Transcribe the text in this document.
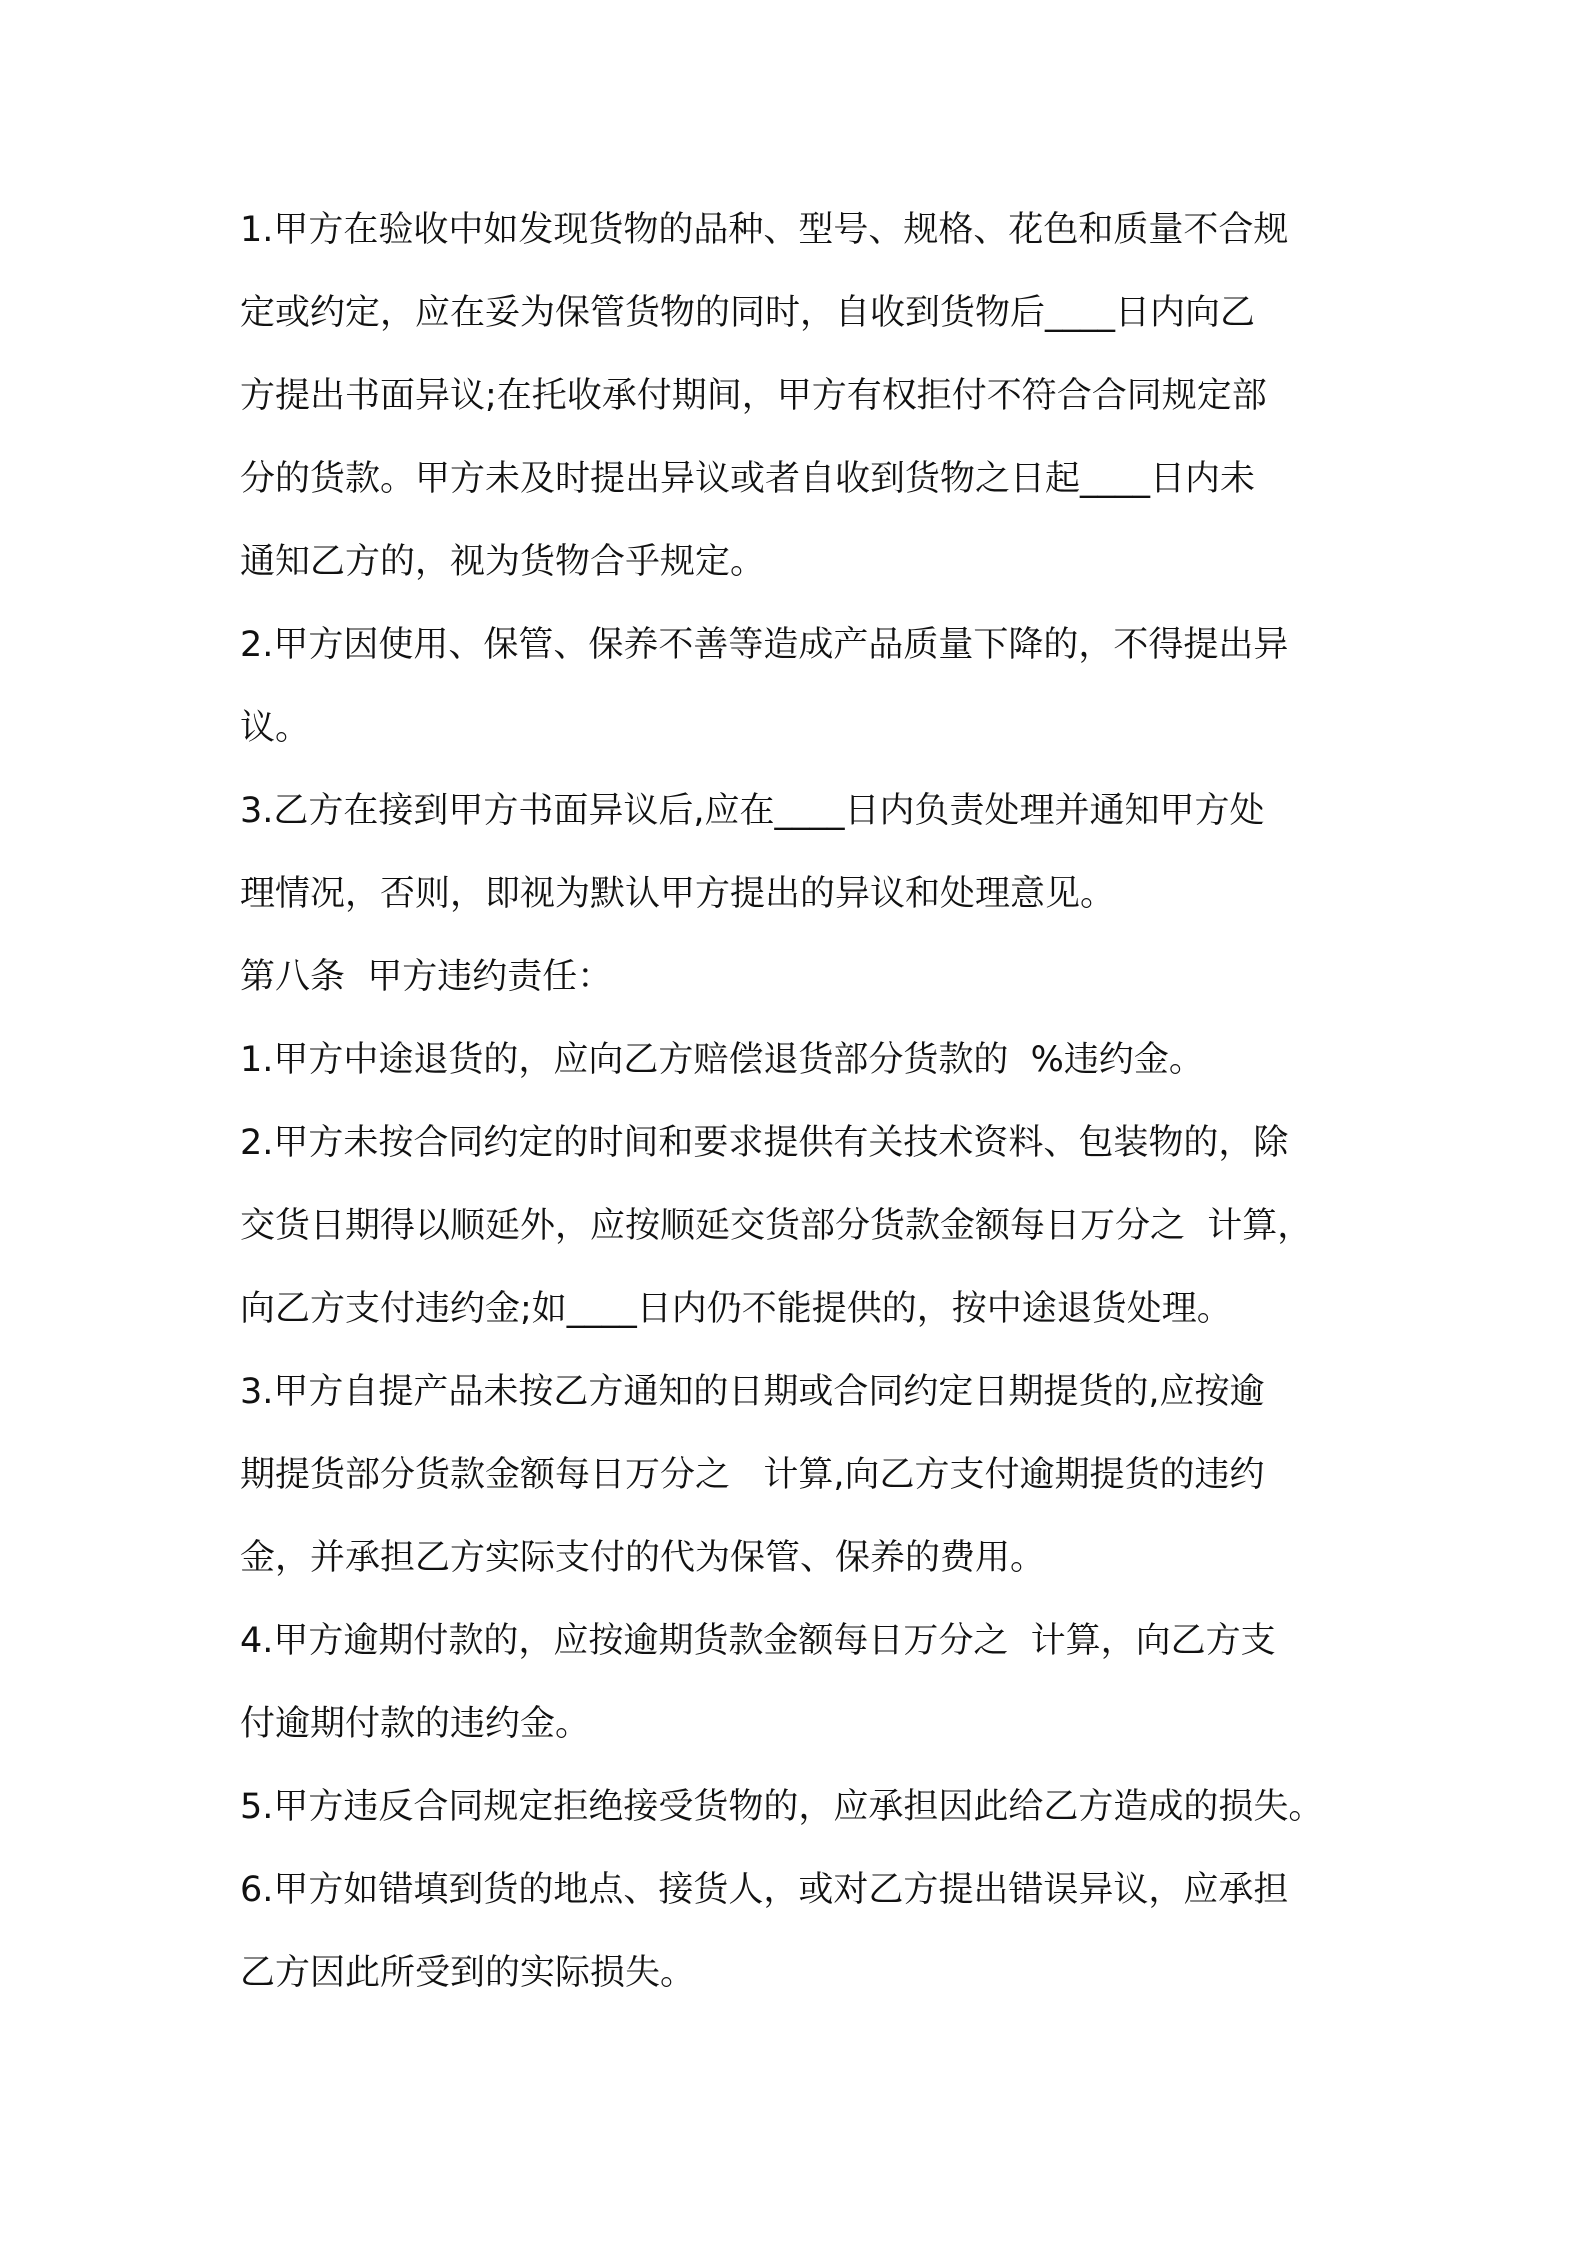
1.甲方在验收中如发现货物的品种、型号、规格、花色和质量不合规
定或约定，应在妥为保管货物的同时，自收到货物后____日内向乙
方提出书面异议;在托收承付期间，甲方有权拒付不符合合同规定部
分的货款。甲方未及时提出异议或者自收到货物之日起____日内未
通知乙方的，视为货物合乎规定。
2.甲方因使用、保管、保养不善等造成产品质量下降的，不得提出异
议。
3.乙方在接到甲方书面异议后,应在____日内负责处理并通知甲方处
理情况，否则，即视为默认甲方提出的异议和处理意见。
第八条  甲方违约责任：
1.甲方中途退货的，应向乙方赔偿退货部分货款的  %违约金。
2.甲方未按合同约定的时间和要求提供有关技术资料、包装物的，除
交货日期得以顺延外，应按顺延交货部分货款金额每日万分之  计算，
向乙方支付违约金;如____日内仍不能提供的，按中途退货处理。
3.甲方自提产品未按乙方通知的日期或合同约定日期提货的,应按逾
期提货部分货款金额每日万分之   计算,向乙方支付逾期提货的违约
金，并承担乙方实际支付的代为保管、保养的费用。
4.甲方逾期付款的，应按逾期货款金额每日万分之  计算，向乙方支
付逾期付款的违约金。
5.甲方违反合同规定拒绝接受货物的，应承担因此给乙方造成的损失。
6.甲方如错填到货的地点、接货人，或对乙方提出错误异议，应承担
乙方因此所受到的实际损失。
